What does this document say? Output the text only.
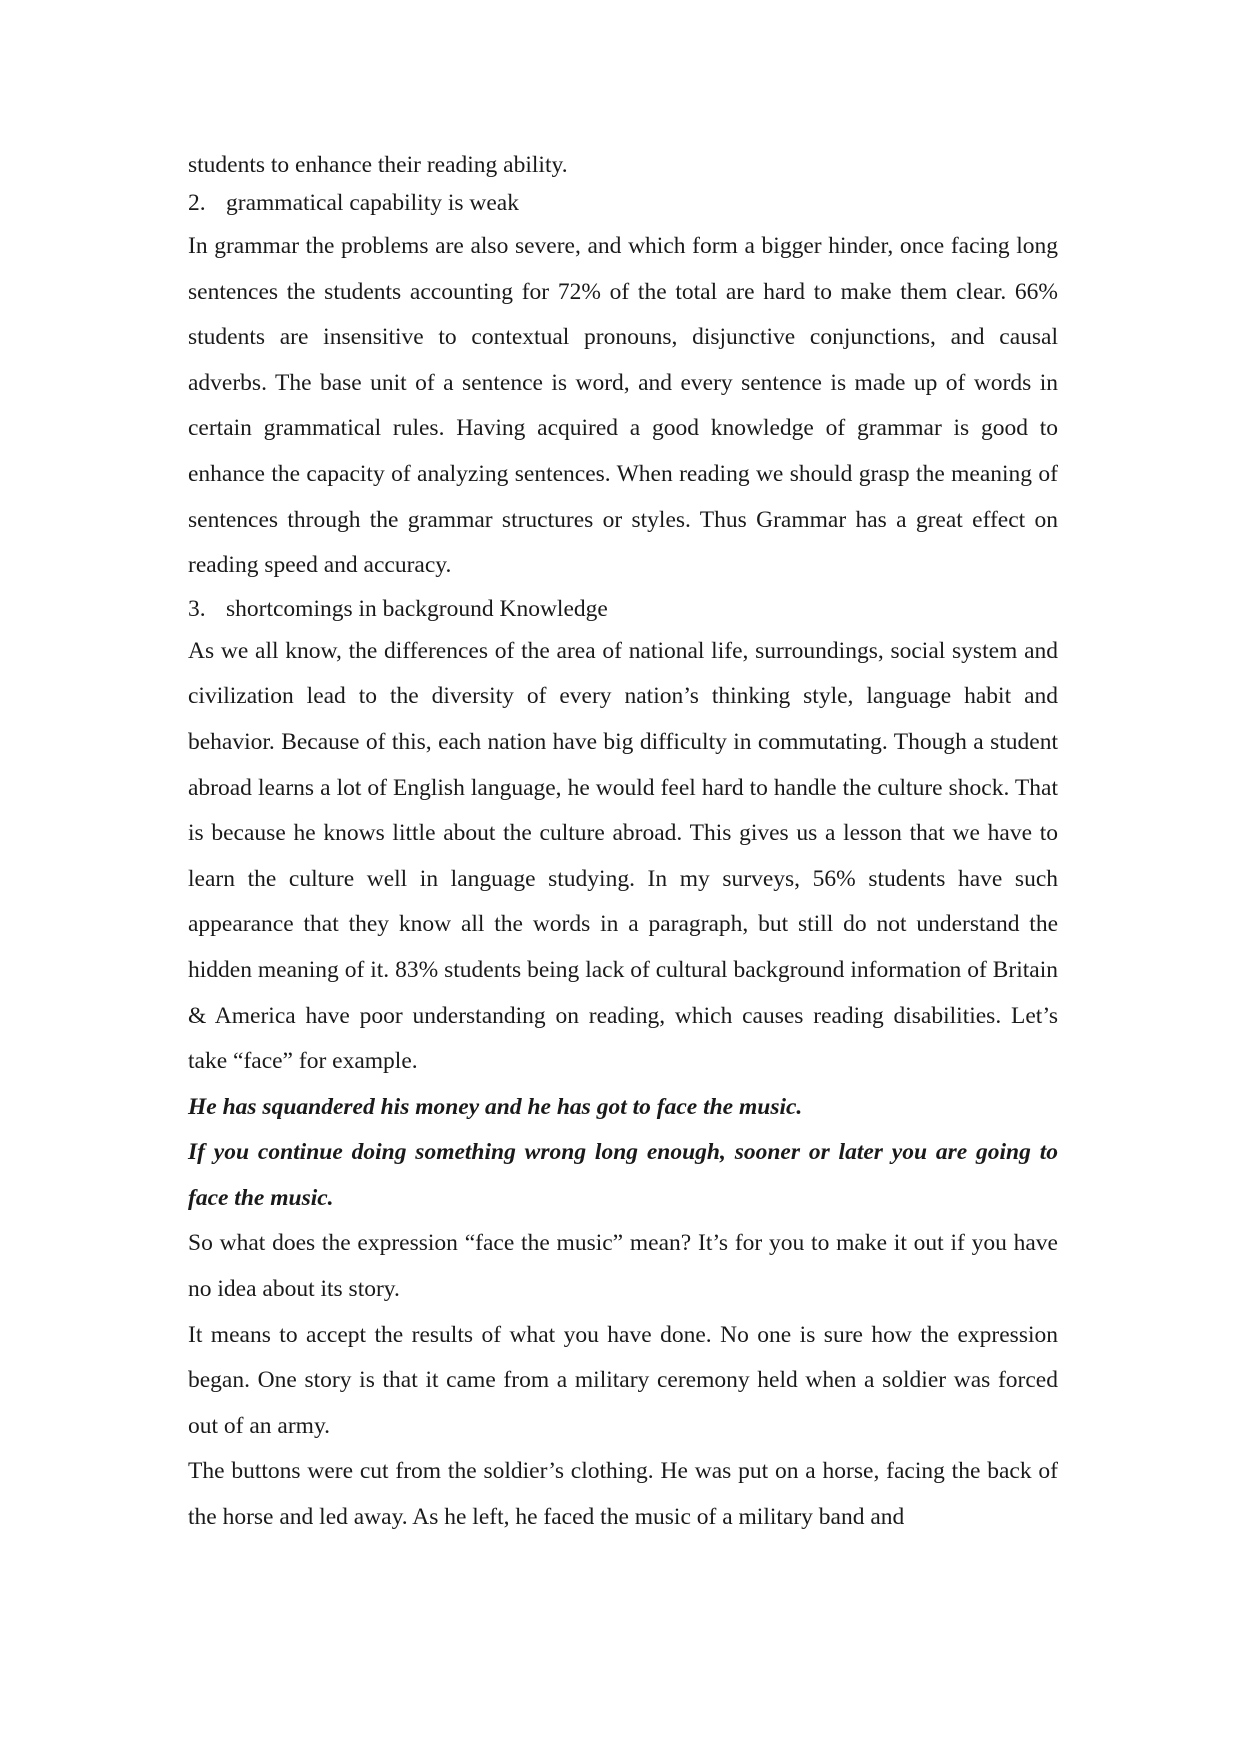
students to enhance their reading ability.

2. grammatical capability is weak

In grammar the problems are also severe, and which form a bigger hinder, once facing long sentences the students accounting for 72% of the total are hard to make them clear. 66% students are insensitive to contextual pronouns, disjunctive conjunctions, and causal adverbs. The base unit of a sentence is word, and every sentence is made up of words in certain grammatical rules. Having acquired a good knowledge of grammar is good to enhance the capacity of analyzing sentences. When reading we should grasp the meaning of sentences through the grammar structures or styles. Thus Grammar has a great effect on reading speed and accuracy.

3. shortcomings in background Knowledge

As we all know, the differences of the area of national life, surroundings, social system and civilization lead to the diversity of every nation’s thinking style, language habit and behavior. Because of this, each nation have big difficulty in commutating. Though a student abroad learns a lot of English language, he would feel hard to handle the culture shock. That is because he knows little about the culture abroad. This gives us a lesson that we have to learn the culture well in language studying. In my surveys, 56% students have such appearance that they know all the words in a paragraph, but still do not understand the hidden meaning of it. 83% students being lack of cultural background information of Britain & America have poor understanding on reading, which causes reading disabilities. Let’s take “face” for example.

He has squandered his money and he has got to face the music.

If you continue doing something wrong long enough, sooner or later you are going to face the music.

So what does the expression “face the music” mean? It’s for you to make it out if you have no idea about its story.

It means to accept the results of what you have done. No one is sure how the expression began. One story is that it came from a military ceremony held when a soldier was forced out of an army.

The buttons were cut from the soldier’s clothing. He was put on a horse, facing the back of the horse and led away. As he left, he faced the music of a military band and
